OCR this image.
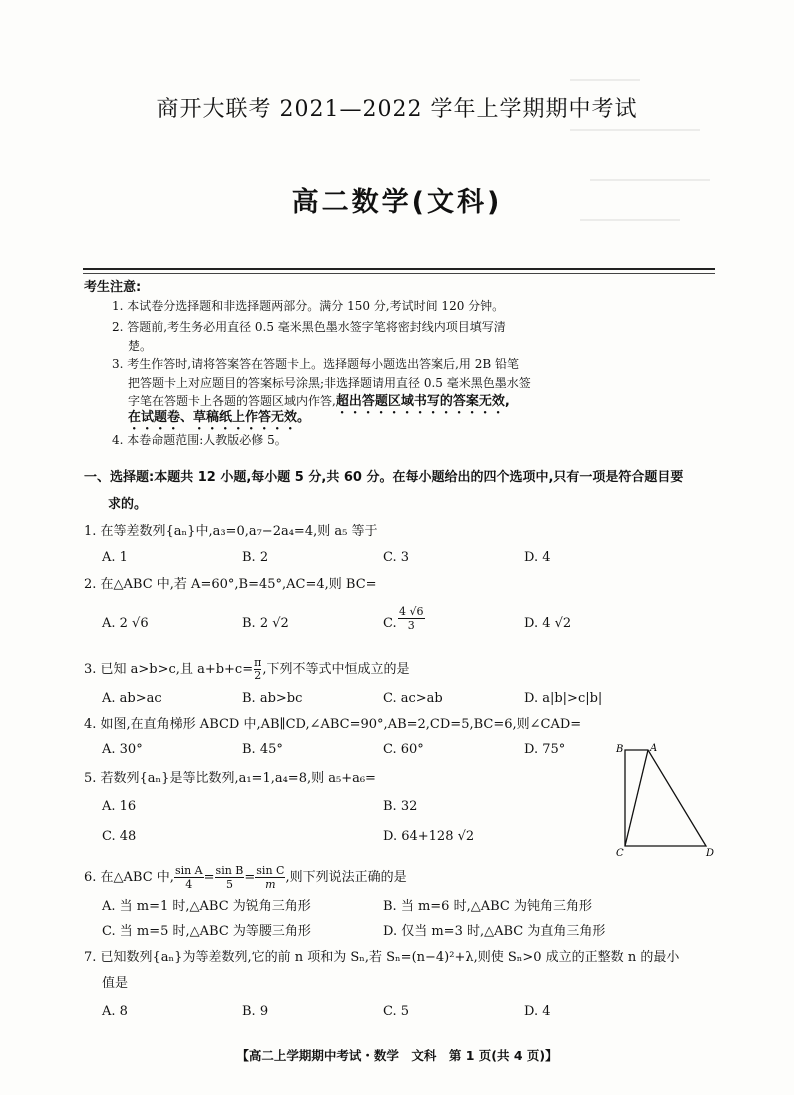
商开大联考 2021—2022 学年上学期期中考试
高二数学(文科)
考生注意:
1. 本试卷分选择题和非选择题两部分。满分 150 分,考试时间 120 分钟。
2. 答题前,考生务必用直径 0.5 毫米黑色墨水签字笔将密封线内项目填写清
楚。
3. 考生作答时,请将答案答在答题卡上。选择题每小题选出答案后,用 2B 铅笔
把答题卡上对应题目的答案标号涂黑;非选择题请用直径 0.5 毫米黑色墨水签
字笔在答题卡上各题的答题区域内作答,超出答题区域书写的答案无效,
在试题卷、草稿纸上作答无效。
4. 本卷命题范围:人教版必修 5。
一、选择题:本题共 12 小题,每小题 5 分,共 60 分。在每小题给出的四个选项中,只有一项是符合题目要
求的。
1. 在等差数列{aₙ}中,a₃=0,a₇−2a₄=4,则 a₅ 等于
A. 1	B. 2	C. 3	D. 4
2. 在△ABC 中,若 A=60°,B=45°,AC=4,则 BC=
A. 2 √6	B. 2 √2	C. $\frac{4 √6}{3}$	D. 4 √2
3. 已知 a>b>c,且 $a+b+c= \frac{\pi}{2}$ ,下列不等式中恒成立的是
A. ab>ac	B. ab>bc	C. ac>ab	D. a|b|>c|b|
4. 如图,在直角梯形 ABCD 中,AB∥CD,∠ABC=90°,AB=2,CD=5,BC=6,则∠CAD=
A. 30°	B. 45°	C. 60°	D. 75°	B	A
C	D
5. 若数列{aₙ}是等比数列,a₁=1,a₄=8,则 a₅+a₆=
A. 16	B. 32
C. 48	D. 64+128 √2
6. 在△ABC 中, $\frac{\text{sin A}}{4} = \frac{\text{sin B}}{5} = \frac{\text{sin C}}{m}$ ,则下列说法正确的是
A. 当 m=1 时,△ABC 为锐角三角形	B. 当 m=6 时,△ABC 为钝角三角形
C. 当 m=5 时,△ABC 为等腰三角形	D. 仅当 m=3 时,△ABC 为直角三角形
7. 已知数列{aₙ}为等差数列,它的前 n 项和为 Sₙ,若 Sₙ=(n−4)²+λ,则使 Sₙ>0 成立的正整数 n 的最小
值是
A. 8	B. 9	C. 5	D. 4
【高二上学期期中考试・数学　文科　第 1 页(共 4 页)】
